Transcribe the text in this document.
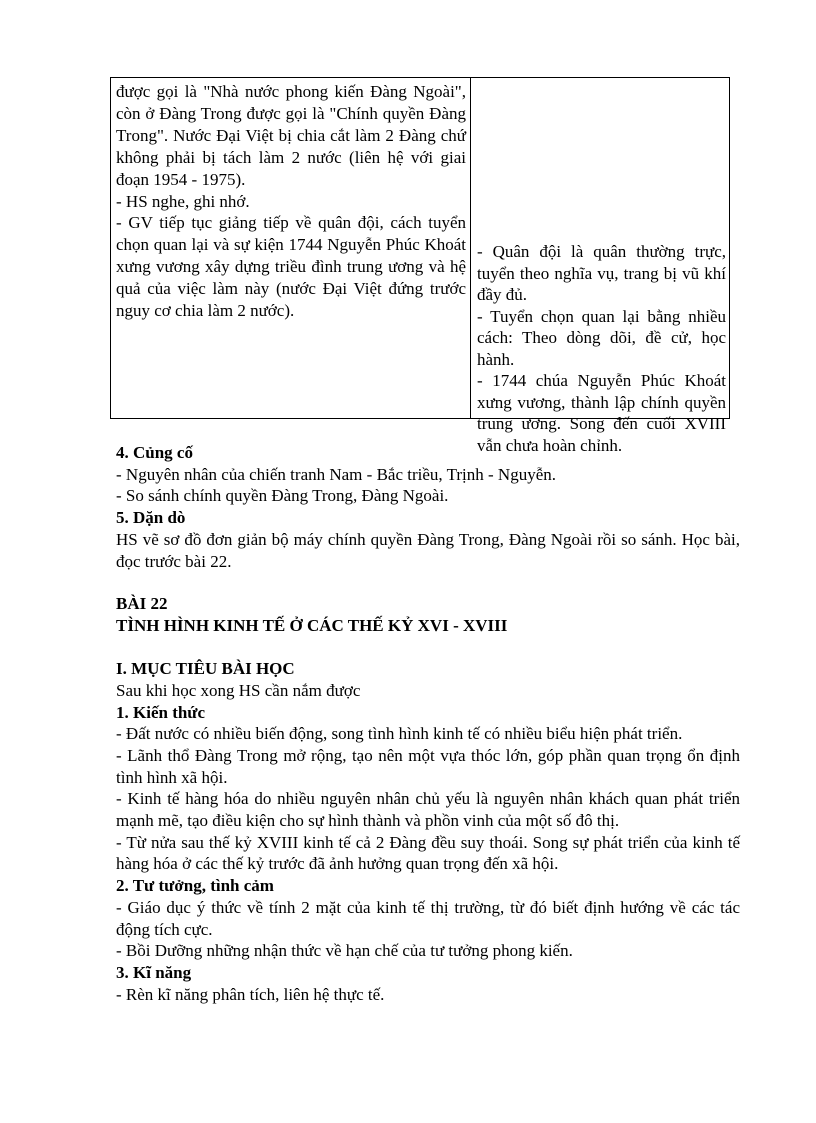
được gọi là "Nhà nước phong kiến Đàng Ngoài", còn ở Đàng Trong được gọi là "Chính quyền Đàng Trong". Nước Đại Việt bị chia cắt làm 2 Đàng chứ không phải bị tách làm 2 nước (liên hệ với giai đoạn 1954 - 1975).
- HS nghe, ghi nhớ.
- GV tiếp tục giảng tiếp về quân đội, cách tuyển chọn quan lại và sự kiện 1744 Nguyễn Phúc Khoát xưng vương xây dựng triều đình trung ương và hệ quả của việc làm này (nước Đại Việt đứng trước nguy cơ chia làm 2 nước).
- Quân đội là quân thường trực, tuyển theo nghĩa vụ, trang bị vũ khí đầy đủ.
- Tuyển chọn quan lại bằng nhiều cách: Theo dòng dõi, đề cử, học hành.
- 1744 chúa Nguyễn Phúc Khoát xưng vương, thành lập chính quyền trung ương. Song đến cuối XVIII vẫn chưa hoàn chỉnh.
4. Củng cố
- Nguyên nhân của chiến tranh Nam - Bắc triều, Trịnh - Nguyễn.
- So sánh chính quyền Đàng Trong, Đàng Ngoài.
5. Dặn dò
HS vẽ sơ đồ đơn giản bộ máy chính quyền Đàng Trong, Đàng Ngoài rồi so sánh. Học bài, đọc trước bài 22.
BÀI 22
TÌNH HÌNH KINH TẾ Ở CÁC THẾ KỶ XVI - XVIII
I. MỤC TIÊU BÀI HỌC
Sau khi học xong HS cần nắm được
1. Kiến thức
- Đất nước có nhiều biến động, song tình hình kinh tế có nhiều biểu hiện phát triển.
- Lãnh thổ Đàng Trong mở rộng, tạo nên một vựa thóc lớn, góp phần quan trọng ổn định tình hình xã hội.
- Kinh tế hàng hóa do nhiều nguyên nhân chủ yếu là nguyên nhân khách quan phát triển mạnh mẽ, tạo điều kiện cho sự hình thành và phồn vinh của một số đô thị.
- Từ nửa sau thế kỷ XVIII kinh tế cả 2 Đàng đều suy thoái. Song sự phát triển của kinh tế hàng hóa ở các thế kỷ trước đã ảnh hưởng quan trọng đến xã hội.
2. Tư tưởng, tình cảm
- Giáo dục ý thức về tính 2 mặt của kinh tế thị trường, từ đó biết định hướng về các tác động tích cực.
- Bồi Dưỡng những nhận thức về hạn chế của tư tưởng phong kiến.
3. Kĩ năng
- Rèn kĩ năng phân tích, liên hệ thực tế.
